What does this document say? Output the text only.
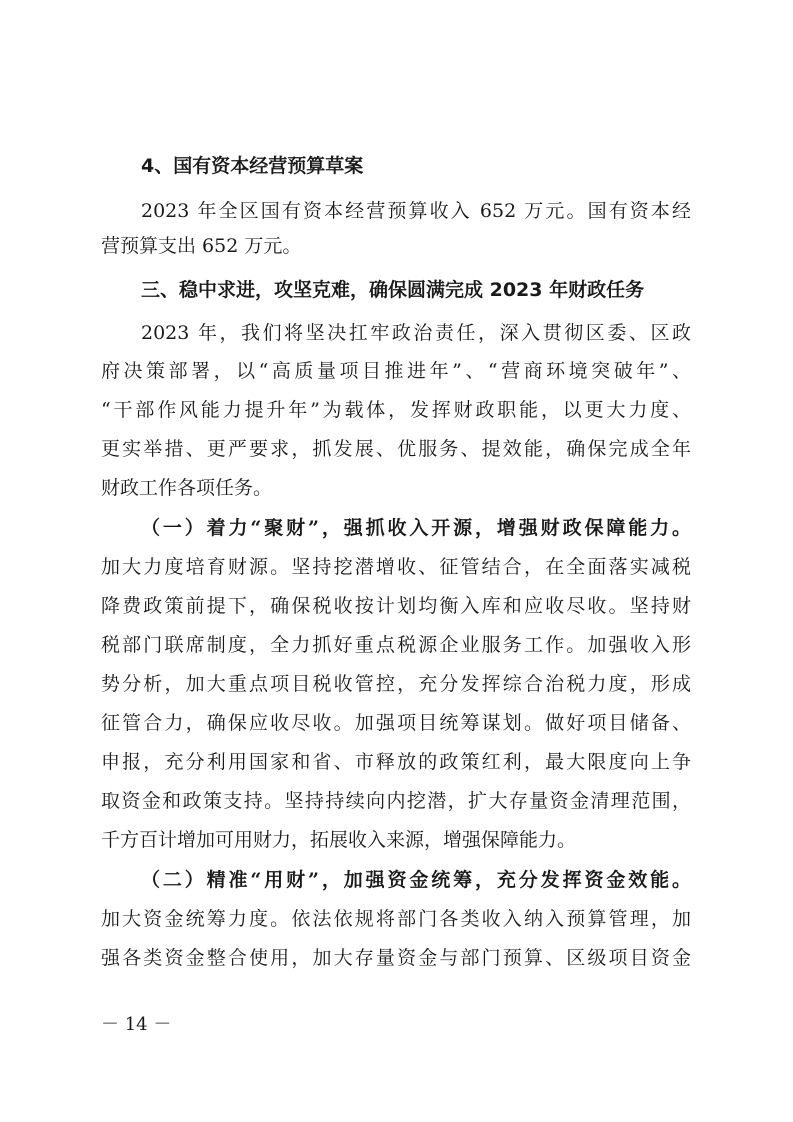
4、国有资本经营预算草案
2023 年全区国有资本经营预算收入 652 万元。国有资本经
营预算支出 652 万元。
三、稳中求进，攻坚克难，确保圆满完成 2023 年财政任务
2023 年，我们将坚决扛牢政治责任，深入贯彻区委、区政
府决策部署，以“高质量项目推进年”、“营商环境突破年”、
“干部作风能力提升年”为载体，发挥财政职能，以更大力度、
更实举措、更严要求，抓发展、优服务、提效能，确保完成全年
财政工作各项任务。
（一）着力“聚财”，强抓收入开源，增强财政保障能力。
加大力度培育财源。坚持挖潜增收、征管结合，在全面落实减税
降费政策前提下，确保税收按计划均衡入库和应收尽收。坚持财
税部门联席制度，全力抓好重点税源企业服务工作。加强收入形
势分析，加大重点项目税收管控，充分发挥综合治税力度，形成
征管合力，确保应收尽收。加强项目统筹谋划。做好项目储备、
申报，充分利用国家和省、市释放的政策红利，最大限度向上争
取资金和政策支持。坚持持续向内挖潜，扩大存量资金清理范围，
千方百计增加可用财力，拓展收入来源，增强保障能力。
（二）精准“用财”，加强资金统筹，充分发挥资金效能。
加大资金统筹力度。依法依规将部门各类收入纳入预算管理，加
强各类资金整合使用，加大存量资金与部门预算、区级项目资金
－ 14 －
